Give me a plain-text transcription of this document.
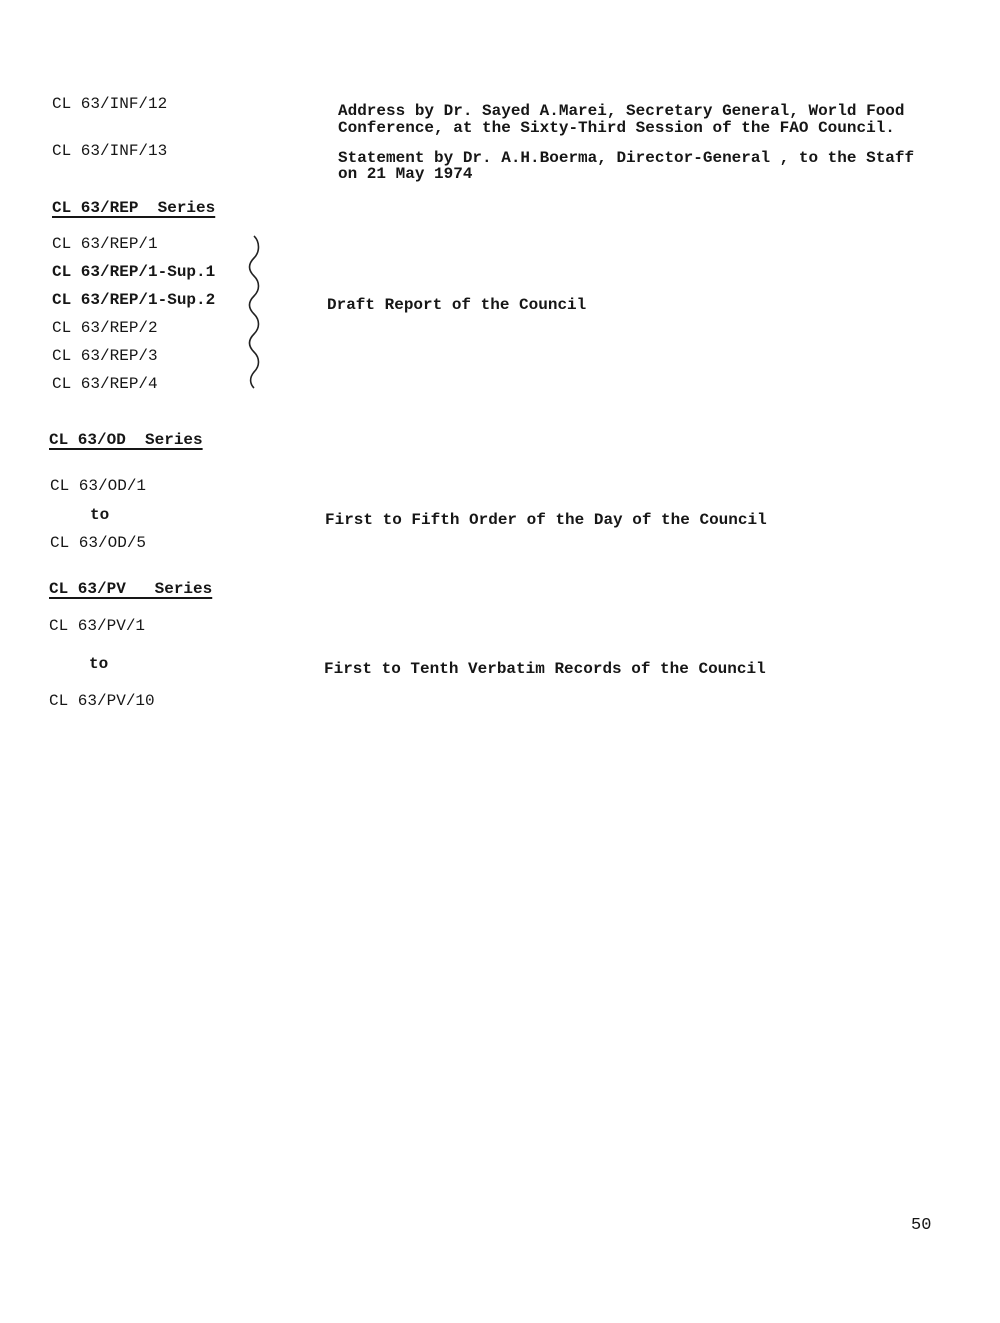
CL 63/INF/12	Address by Dr. Sayed A.Marei, Secretary General, World Food
Conference, at the Sixty-Third Session of the FAO Council.
CL 63/INF/13	Statement by Dr. A.H.Boerma, Director-General , to the Staff
on 21 May 1974
CL 63/REP  Series
CL 63/REP/1
CL 63/REP/1-Sup.1
CL 63/REP/1-Sup.2
CL 63/REP/2
CL 63/REP/3
CL 63/REP/4
Draft Report of the Council
CL 63/OD  Series
CL 63/OD/1
to
CL 63/OD/5
First to Fifth Order of the Day of the Council
CL 63/PV   Series
CL 63/PV/1
to
CL 63/PV/10
First to Tenth Verbatim Records of the Council
50
